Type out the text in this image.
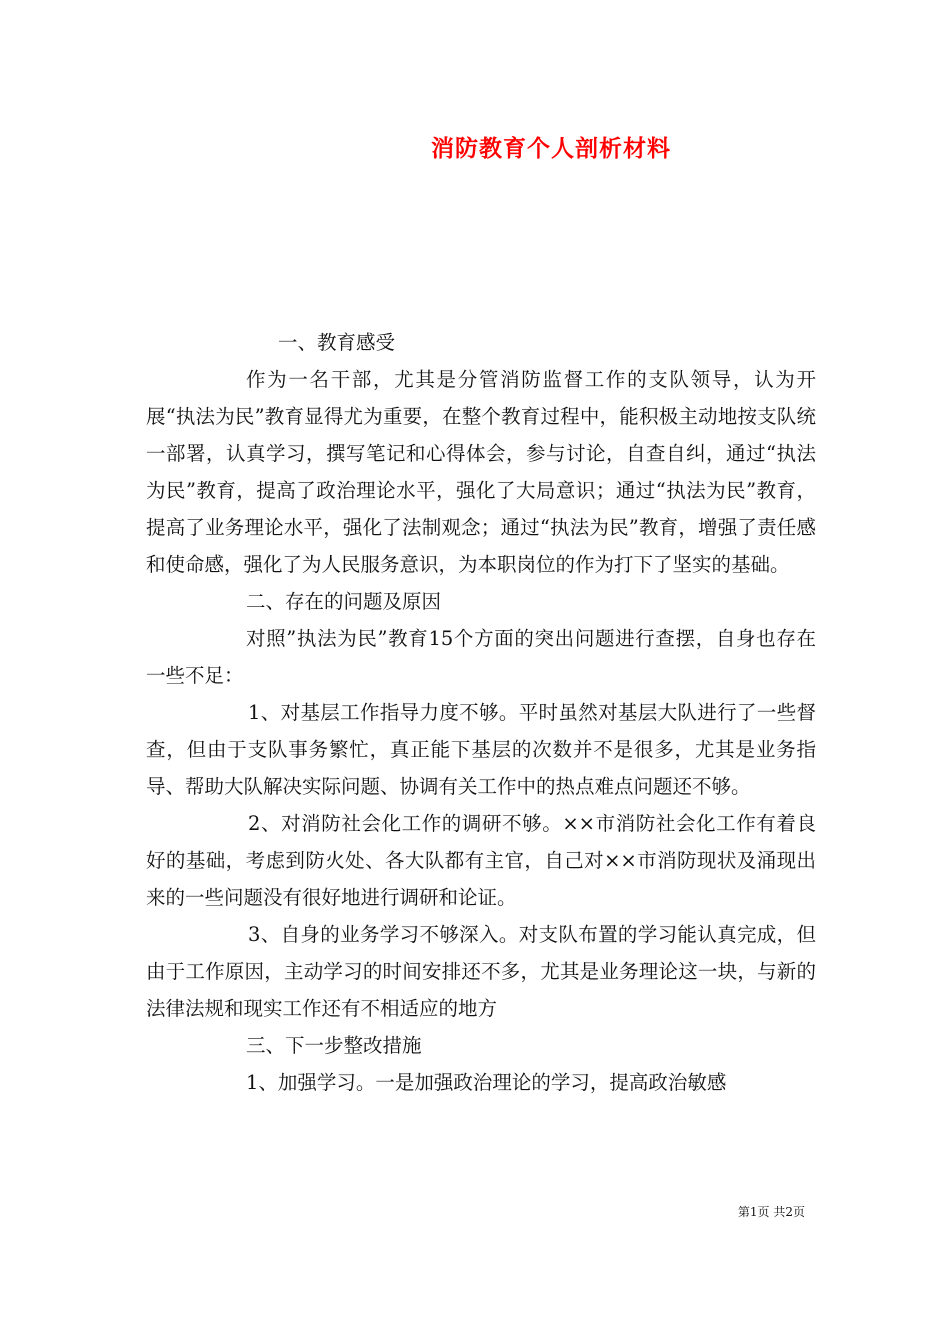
消防教育个人剖析材料

一、教育感受

作为一名干部，尤其是分管消防监督工作的支队领导，认为开展“执法为民”教育显得尤为重要，在整个教育过程中，能积极主动地按支队统一部署，认真学习，撰写笔记和心得体会，参与讨论，自查自纠，通过“执法为民”教育，提高了政治理论水平，强化了大局意识；通过“执法为民”教育，提高了业务理论水平，强化了法制观念；通过“执法为民”教育，增强了责任感和使命感，强化了为人民服务意识，为本职岗位的作为打下了坚实的基础。

二、存在的问题及原因

对照”执法为民”教育15个方面的突出问题进行查摆，自身也存在一些不足：

1、对基层工作指导力度不够。平时虽然对基层大队进行了一些督查，但由于支队事务繁忙，真正能下基层的次数并不是很多，尤其是业务指导、帮助大队解决实际问题、协调有关工作中的热点难点问题还不够。

2、对消防社会化工作的调研不够。××市消防社会化工作有着良好的基础，考虑到防火处、各大队都有主官，自己对××市消防现状及涌现出来的一些问题没有很好地进行调研和论证。

3、自身的业务学习不够深入。对支队布置的学习能认真完成，但由于工作原因，主动学习的时间安排还不多，尤其是业务理论这一块，与新的法律法规和现实工作还有不相适应的地方

三、下一步整改措施

1、加强学习。一是加强政治理论的学习，提高政治敏感

第1页 共2页
